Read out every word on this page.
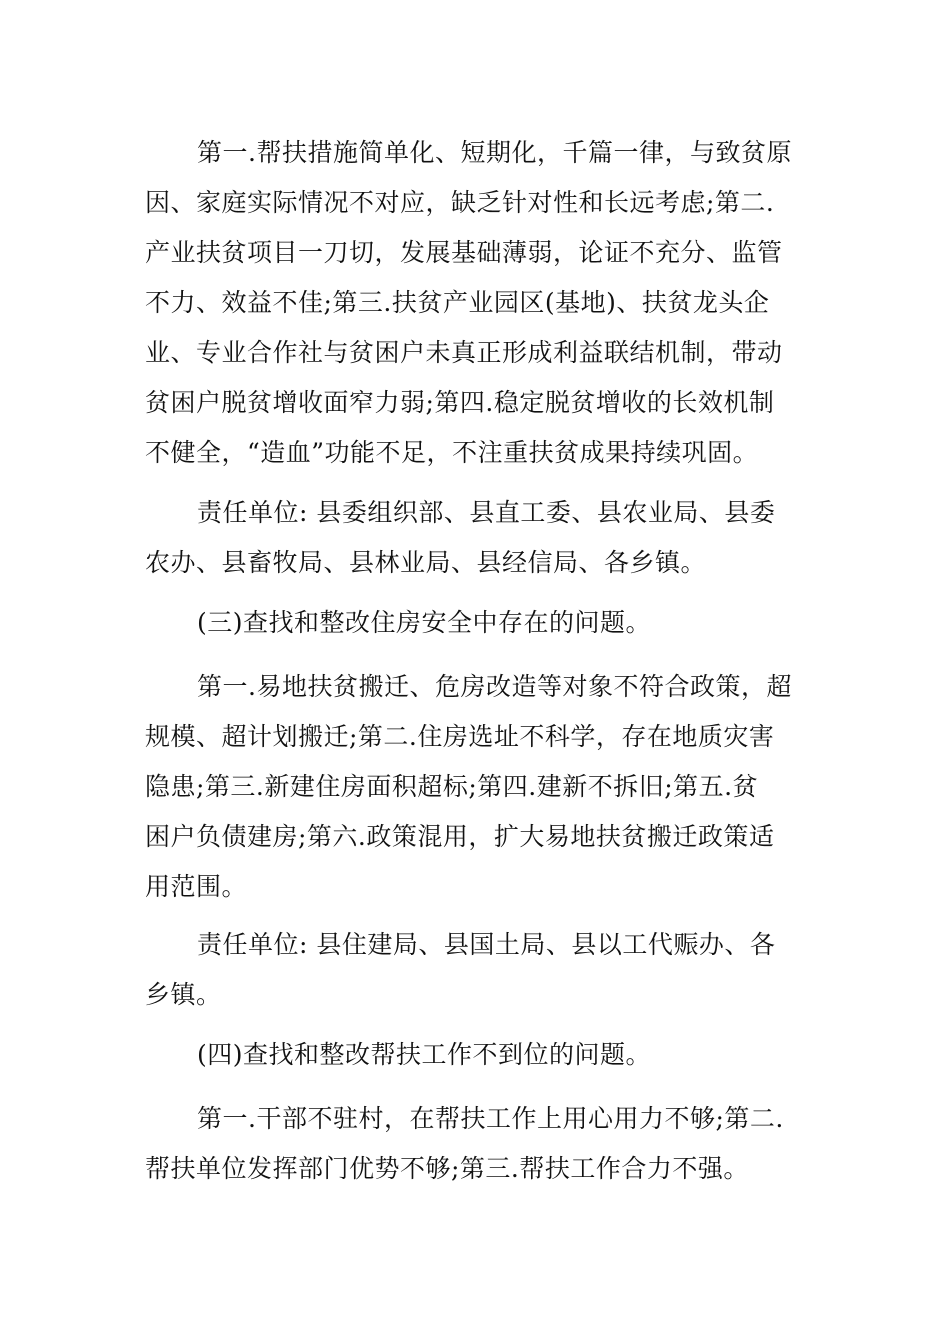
第一.帮扶措施简单化、短期化，千篇一律，与致贫原
因、家庭实际情况不对应，缺乏针对性和长远考虑;第二.
产业扶贫项目一刀切，发展基础薄弱，论证不充分、监管
不力、效益不佳;第三.扶贫产业园区(基地)、扶贫龙头企
业、专业合作社与贫困户未真正形成利益联结机制，带动
贫困户脱贫增收面窄力弱;第四.稳定脱贫增收的长效机制
不健全，“造血”功能不足，不注重扶贫成果持续巩固。

责任单位: 县委组织部、县直工委、县农业局、县委
农办、县畜牧局、县林业局、县经信局、各乡镇。

(三)查找和整改住房安全中存在的问题。

第一.易地扶贫搬迁、危房改造等对象不符合政策，超
规模、超计划搬迁;第二.住房选址不科学，存在地质灾害
隐患;第三.新建住房面积超标;第四.建新不拆旧;第五.贫
困户负债建房;第六.政策混用，扩大易地扶贫搬迁政策适
用范围。

责任单位: 县住建局、县国土局、县以工代赈办、各
乡镇。

(四)查找和整改帮扶工作不到位的问题。

第一.干部不驻村，在帮扶工作上用心用力不够;第二.
帮扶单位发挥部门优势不够;第三.帮扶工作合力不强。
